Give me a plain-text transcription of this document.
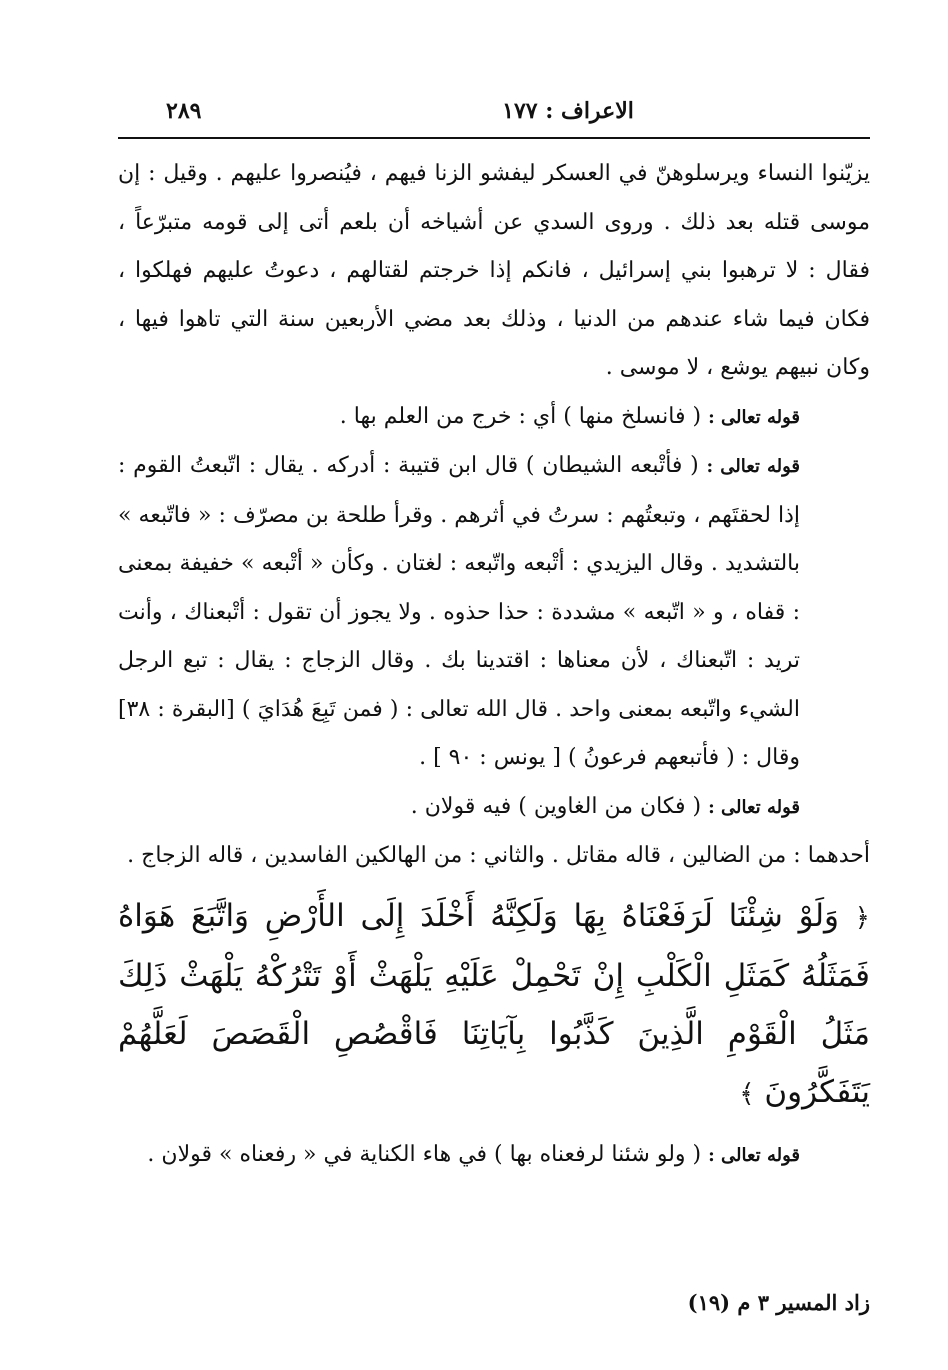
٢٨٩	الاعراف : ١٧٧

يزيّنوا النساء ويرسلوهنّ في العسكر ليفشو الزنا فيهم ، فيُنصروا عليهم . وقيل : إن موسى قتله بعد ذلك . وروى السدي عن أشياخه أن بلعم أتى إلى قومه متبرّعاً ، فقال : لا ترهبوا بني إسرائيل ، فانكم إذا خرجتم لقتالهم ، دعوتُ عليهم فهلكوا ، فكان فيما شاء عندهم من الدنيا ، وذلك بعد مضي الأربعين سنة التي تاهوا فيها ، وكان نبيهم يوشع ، لا موسى .

قوله تعالى : ( فانسلخ منها ) أي : خرج من العلم بها .

قوله تعالى : ( فأتْبعه الشيطان ) قال ابن قتيبة : أدركه . يقال : اتّبعتُ القوم : إذا لحقتَهم ، وتبعتُهم : سرتُ في أثرهم . وقرأ طلحة بن مصرّف : « فاتّبعه » بالتشديد . وقال اليزيدي : أتْبعه واتّبعه : لغتان . وكأن « أتْبعه » خفيفة بمعنى : قفاه ، و « اتّبعه » مشددة : حذا حذوه . ولا يجوز أن تقول : أتْبعناك ، وأنت تريد : اتّبعناك ، لأن معناها : اقتدينا بك . وقال الزجاج : يقال : تبع الرجل الشيء واتّبعه بمعنى واحد . قال الله تعالى : ( فمن تَبِعَ هُدَايَ ) [البقرة : ٣٨] وقال : ( فأتبعهم فرعونُ ) [ يونس : ٩٠ ] .

قوله تعالى : ( فكان من الغاوين ) فيه قولان .

أحدهما : من الضالين ، قاله مقاتل . والثاني : من الهالكين الفاسدين ، قاله الزجاج .

﴿ وَلَوْ شِئْنَا لَرَفَعْنَاهُ بِهَا وَلَكِنَّهُ أَخْلَدَ إِلَى الأَرْضِ وَاتَّبَعَ هَوَاهُ فَمَثَلُهُ كَمَثَلِ الْكَلْبِ إِنْ تَحْمِلْ عَلَيْهِ يَلْهَثْ أَوْ تَتْرُكْهُ يَلْهَثْ ذَلِكَ مَثَلُ الْقَوْمِ الَّذِينَ كَذَّبُوا بِآيَاتِنَا فَاقْصُصِ الْقَصَصَ لَعَلَّهُمْ يَتَفَكَّرُونَ ﴾

قوله تعالى : ( ولو شئنا لرفعناه بها ) في هاء الكناية في « رفعناه » قولان .

زاد المسير ٣ م (١٩)
